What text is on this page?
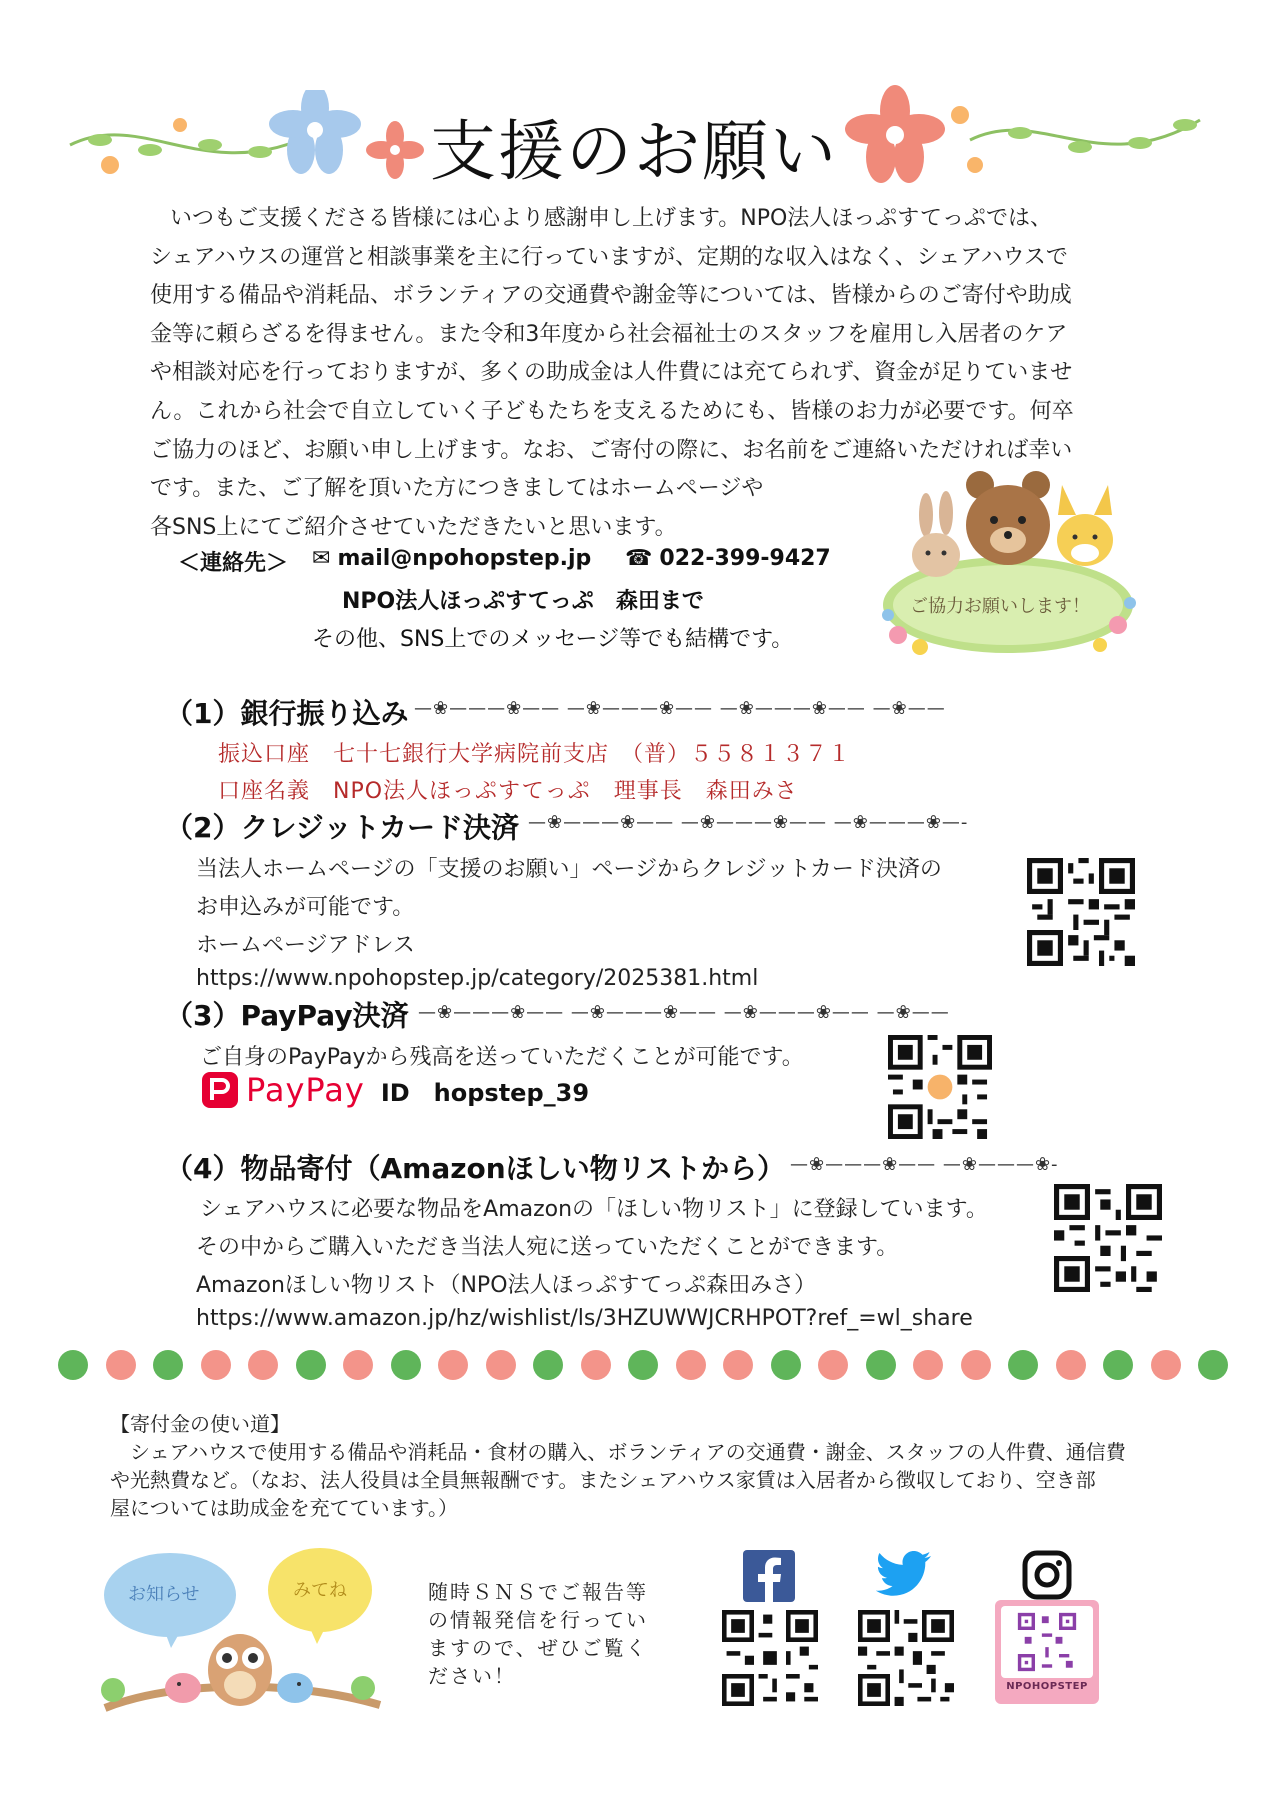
支援のお願い

いつもご支援くださる皆様には心より感謝申し上げます。NPO法人ほっぷすてっぷでは、

シェアハウスの運営と相談事業を主に行っていますが、定期的な収入はなく、シェアハウスで

使用する備品や消耗品、ボランティアの交通費や謝金等については、皆様からのご寄付や助成

金等に頼らざるを得ません。また令和3年度から社会福祉士のスタッフを雇用し入居者のケア

や相談対応を行っておりますが、多くの助成金は人件費には充てられず、資金が足りていませ

ん。これから社会で自立していく子どもたちを支えるためにも、皆様のお力が必要です。何卒

ご協力のほど、お願い申し上げます。なお、ご寄付の際に、お名前をご連絡いただければ幸い

です。また、ご了解を頂いた方につきましてはホームページや

各SNS上にてご紹介させていただきたいと思います。

＜連絡先＞ ✉ mail@npohopstep.jp ☎ 022-399-9427
NPO法人ほっぷすてっぷ　森田まで
その他、SNS上でのメッセージ等でも結構です。
ご協力お願いします！
（1）銀行振り込み —❀———❀—— —❀———❀—— —❀———❀—— —❀——
振込口座　七十七銀行大学病院前支店　（普）５５８１３７１
口座名義　NPO法人ほっぷすてっぷ　理事長　森田みさ
（2）クレジットカード決済 —❀———❀—— —❀———❀—— —❀———❀—-
当法人ホームページの「支援のお願い」ページからクレジットカード決済の
お申込みが可能です。
ホームページアドレス
https://www.npohopstep.jp/category/2025381.html
（3）PayPay決済 —❀———❀—— —❀———❀—— —❀———❀—— —❀——
ご自身のPayPayから残高を送っていただくことが可能です。
PayPay ID　hopstep_39
（4）物品寄付（Amazonほしい物リストから） —❀———❀—— —❀———❀-
シェアハウスに必要な物品をAmazonの「ほしい物リスト」に登録しています。
その中からご購入いただき当法人宛に送っていただくことができます。
Amazonほしい物リスト（NPO法人ほっぷすてっぷ森田みさ）
https://www.amazon.jp/hz/wishlist/ls/3HZUWWJCRHPOT?ref_=wl_share

【寄付金の使い道】

シェアハウスで使用する備品や消耗品・食材の購入、ボランティアの交通費・謝金、スタッフの人件費、通信費

や光熱費など。（なお、法人役員は全員無報酬です。またシェアハウス家賃は入居者から徴収しており、空き部

屋については助成金を充てています。）

お知らせ	みてね	随時ＳＮＳでご報告等

の情報発信を行ってい

ますので、ぜひご覧く

ださい！	NPOHOPSTEP
